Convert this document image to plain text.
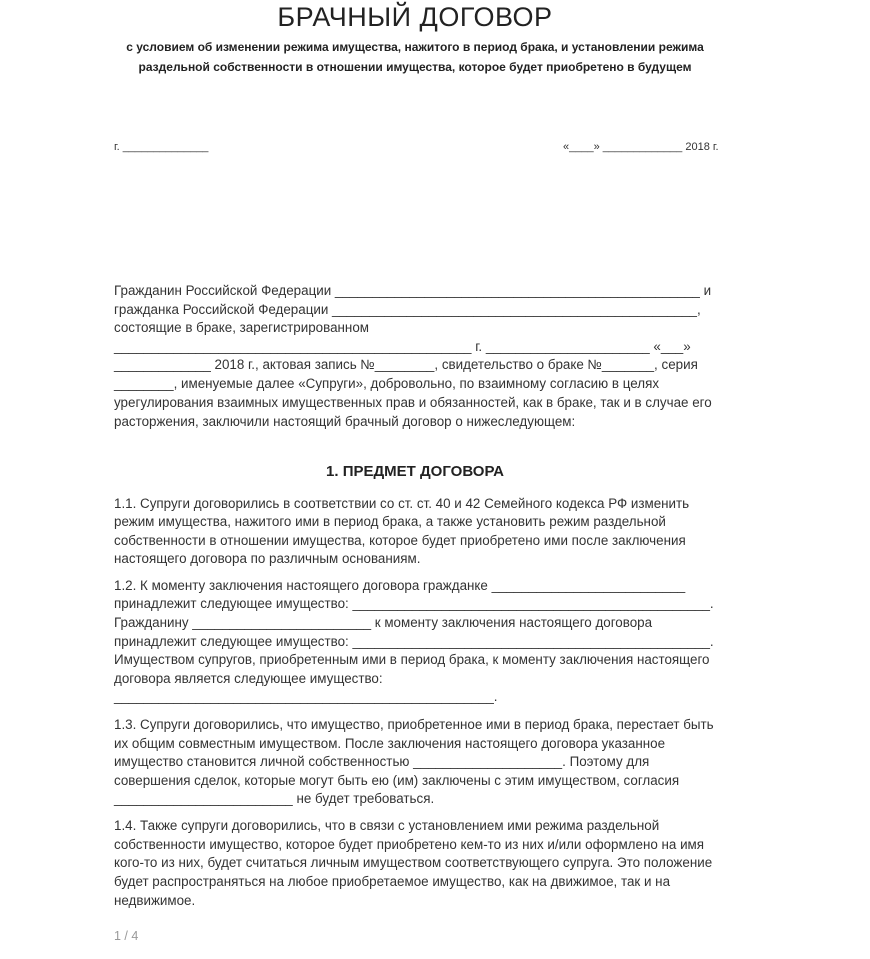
БРАЧНЫЙ ДОГОВОР
с условием об изменении режима имущества, нажитого в период брака, и установлении режима
раздельной собственности в отношении имущества, которое будет приобретено в будущем
г. ______________	«____» _____________ 2018 г.
Гражданин Российской Федерации _________________________________________________ и
гражданка Российской Федерации _________________________________________________,
состоящие в браке, зарегистрированном
________________________________________________ г. ______________________ «___»
_____________ 2018 г., актовая запись №________, свидетельство о браке №_______, серия
________, именуемые далее «Супруги», добровольно, по взаимному согласию в целях
урегулирования взаимных имущественных прав и обязанностей, как в браке, так и в случае его
расторжения, заключили настоящий брачный договор о нижеследующем:
1. ПРЕДМЕТ ДОГОВОРА
1.1. Супруги договорились в соответствии со ст. ст. 40 и 42 Семейного кодекса РФ изменить
режим имущества, нажитого ими в период брака, а также установить режим раздельной
собственности в отношении имущества, которое будет приобретено ими после заключения
настоящего договора по различным основаниям.
1.2. К моменту заключения настоящего договора гражданке __________________________
принадлежит следующее имущество: ________________________________________________.
Гражданину ________________________ к моменту заключения настоящего договора
принадлежит следующее имущество: ________________________________________________.
Имуществом супругов, приобретенным ими в период брака, к моменту заключения настоящего
договора является следующее имущество:
___________________________________________________.
1.3. Супруги договорились, что имущество, приобретенное ими в период брака, перестает быть
их общим совместным имуществом. После заключения настоящего договора указанное
имущество становится личной собственностью ____________________. Поэтому для
совершения сделок, которые могут быть ею (им) заключены с этим имуществом, согласия
________________________ не будет требоваться.
1.4. Также супруги договорились, что в связи с установлением ими режима раздельной
собственности имущество, которое будет приобретено кем-то из них и/или оформлено на имя
кого-то из них, будет считаться личным имуществом соответствующего супруга. Это положение
будет распространяться на любое приобретаемое имущество, как на движимое, так и на
недвижимое.
1 / 4
